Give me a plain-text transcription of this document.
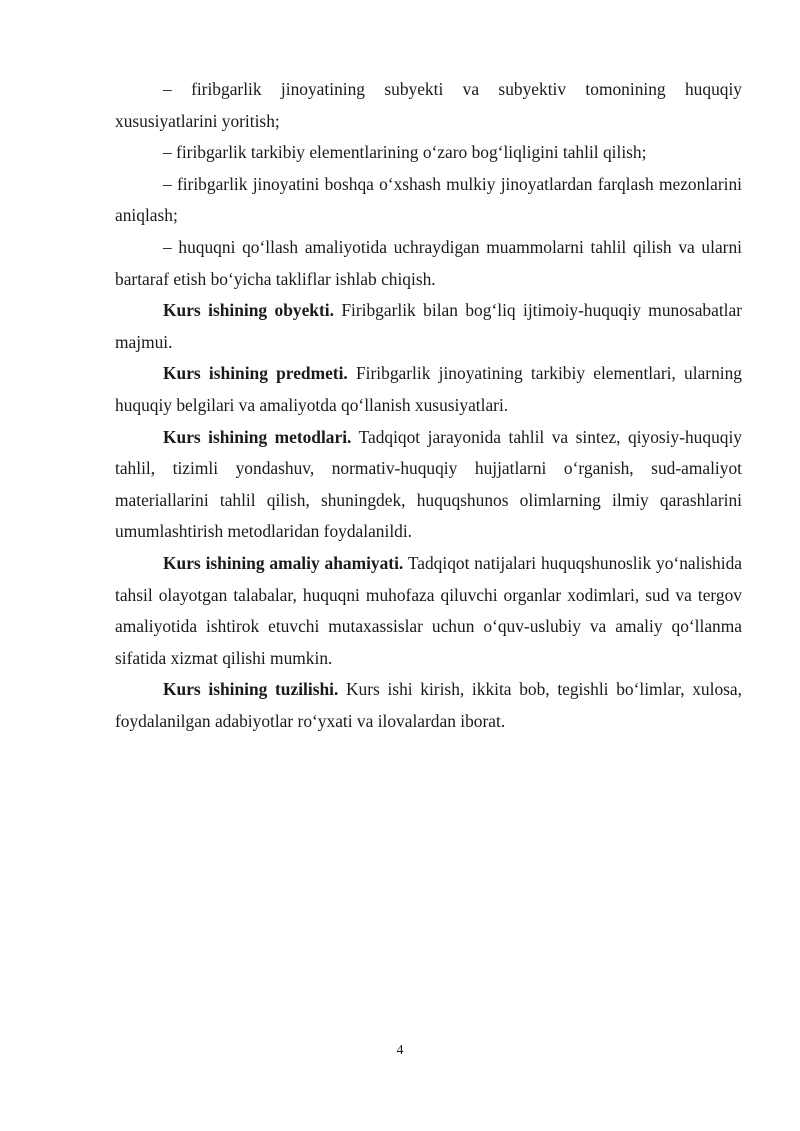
– firibgarlik jinoyatining subyekti va subyektiv tomonining huquqiy xususiyatlarini yoritish;

– firibgarlik tarkibiy elementlarining o‘zaro bog‘liqligini tahlil qilish;

– firibgarlik jinoyatini boshqa o‘xshash mulkiy jinoyatlardan farqlash mezonlarini aniqlash;

– huquqni qo‘llash amaliyotida uchraydigan muammolarni tahlil qilish va ularni bartaraf etish bo‘yicha takliflar ishlab chiqish.

Kurs ishining obyekti. Firibgarlik bilan bog‘liq ijtimoiy-huquqiy munosabatlar majmui.

Kurs ishining predmeti. Firibgarlik jinoyatining tarkibiy elementlari, ularning huquqiy belgilari va amaliyotda qo‘llanish xususiyatlari.

Kurs ishining metodlari. Tadqiqot jarayonida tahlil va sintez, qiyosiy-huquqiy tahlil, tizimli yondashuv, normativ-huquqiy hujjatlarni o‘rganish, sud-amaliyot materiallarini tahlil qilish, shuningdek, huquqshunos olimlarning ilmiy qarashlarini umumlashtirish metodlaridan foydalanildi.

Kurs ishining amaliy ahamiyati. Tadqiqot natijalari huquqshunoslik yo‘nalishida tahsil olayotgan talabalar, huquqni muhofaza qiluvchi organlar xodimlari, sud va tergov amaliyotida ishtirok etuvchi mutaxassislar uchun o‘quv-uslubiy va amaliy qo‘llanma sifatida xizmat qilishi mumkin.

Kurs ishining tuzilishi. Kurs ishi kirish, ikkita bob, tegishli bo‘limlar, xulosa, foydalanilgan adabiyotlar ro‘yxati va ilovalardan iborat.

4
